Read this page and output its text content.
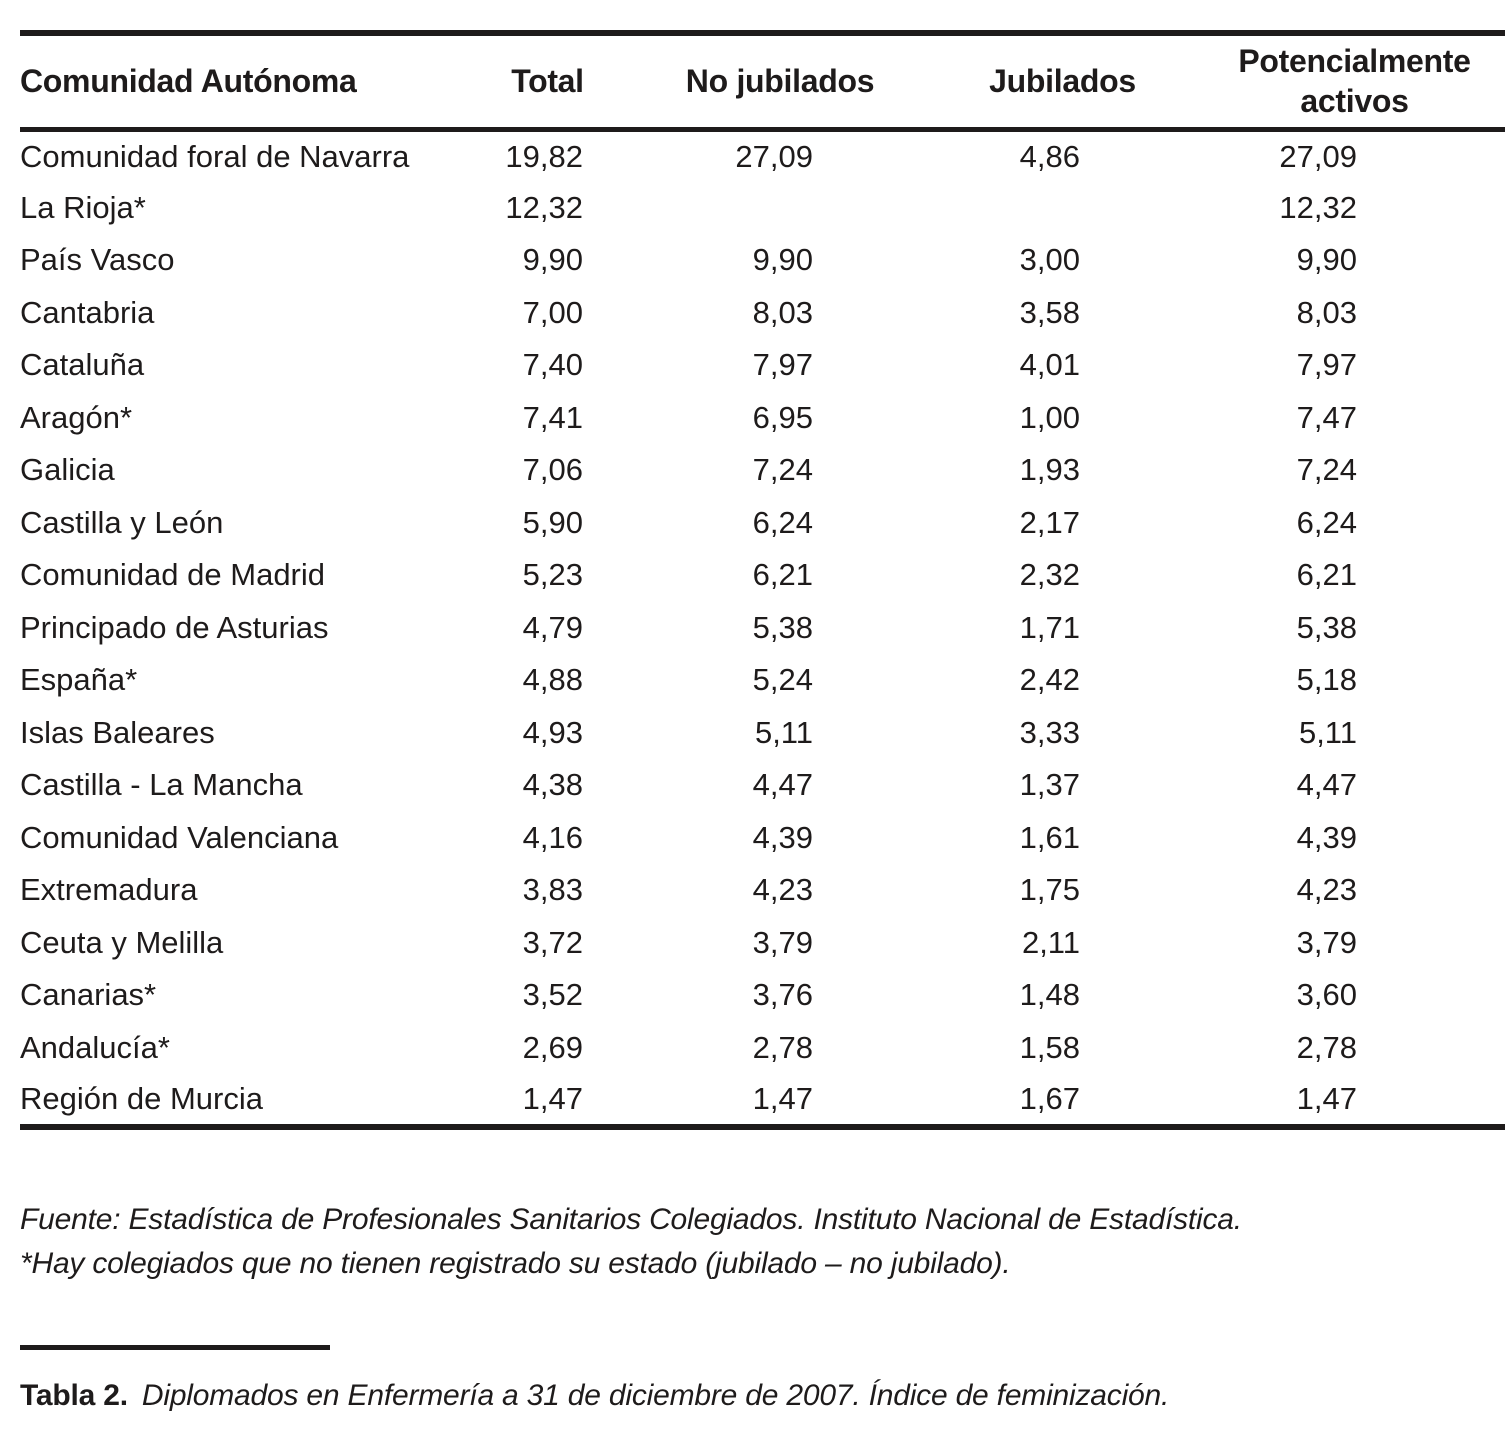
Comunidad Autónoma	Total	No jubilados	Jubilados	Potencialmente activos
Comunidad foral de Navarra	19,82	27,09	4,86	27,09
La Rioja*	12,32			12,32
País Vasco	9,90	9,90	3,00	9,90
Cantabria	7,00	8,03	3,58	8,03
Cataluña	7,40	7,97	4,01	7,97
Aragón*	7,41	6,95	1,00	7,47
Galicia	7,06	7,24	1,93	7,24
Castilla y León	5,90	6,24	2,17	6,24
Comunidad de Madrid	5,23	6,21	2,32	6,21
Principado de Asturias	4,79	5,38	1,71	5,38
España*	4,88	5,24	2,42	5,18
Islas Baleares	4,93	5,11	3,33	5,11
Castilla - La Mancha	4,38	4,47	1,37	4,47
Comunidad Valenciana	4,16	4,39	1,61	4,39
Extremadura	3,83	4,23	1,75	4,23
Ceuta y Melilla	3,72	3,79	2,11	3,79
Canarias*	3,52	3,76	1,48	3,60
Andalucía*	2,69	2,78	1,58	2,78
Región de Murcia	1,47	1,47	1,67	1,47
Fuente: Estadística de Profesionales Sanitarios Colegiados. Instituto Nacional de Estadística.
*Hay colegiados que no tienen registrado su estado (jubilado – no jubilado).
Tabla 2. Diplomados en Enfermería a 31 de diciembre de 2007. Índice de feminización.
